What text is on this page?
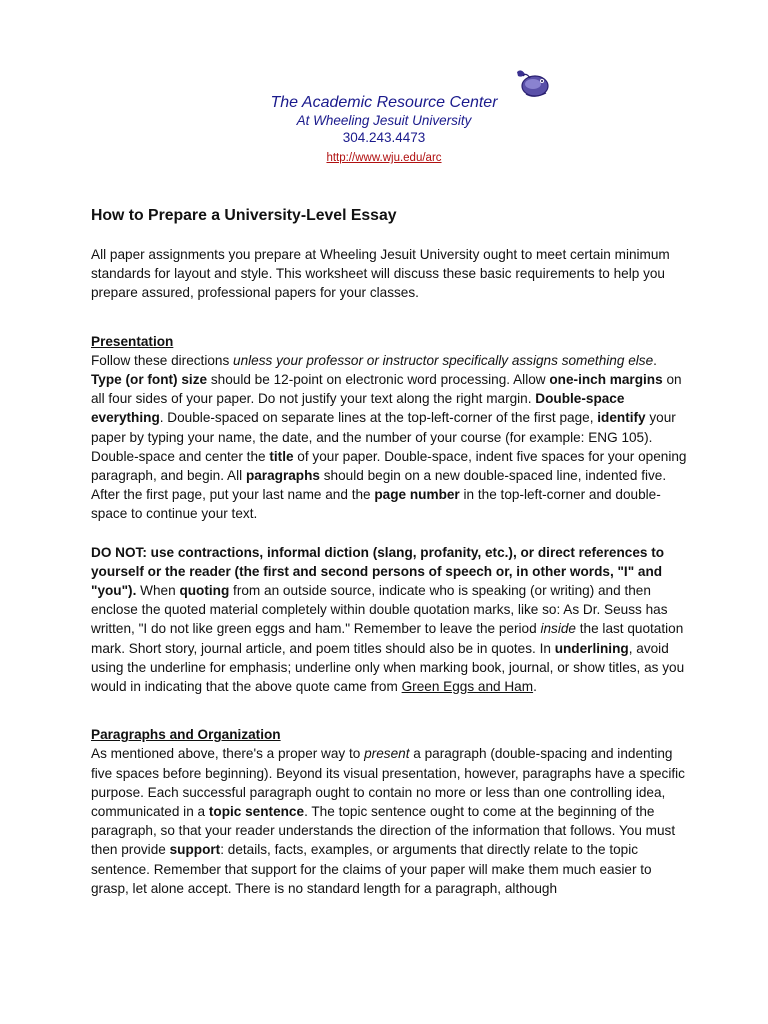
The Academic Resource Center
At Wheeling Jesuit University
304.243.4473
http://www.wju.edu/arc
How to Prepare a University-Level Essay

All paper assignments you prepare at Wheeling Jesuit University ought to meet certain minimum standards for layout and style. This worksheet will discuss these basic requirements to help you prepare assured, professional papers for your classes.

Presentation

Follow these directions unless your professor or instructor specifically assigns something else. Type (or font) size should be 12-point on electronic word processing. Allow one-inch margins on all four sides of your paper. Do not justify your text along the right margin. Double-space everything. Double-spaced on separate lines at the top-left-corner of the first page, identify your paper by typing your name, the date, and the number of your course (for example: ENG 105). Double-space and center the title of your paper. Double-space, indent five spaces for your opening paragraph, and begin. All paragraphs should begin on a new double-spaced line, indented five. After the first page, put your last name and the page number in the top-left-corner and double-space to continue your text.

DO NOT: use contractions, informal diction (slang, profanity, etc.), or direct references to yourself or the reader (the first and second persons of speech or, in other words, "I" and "you"). When quoting from an outside source, indicate who is speaking (or writing) and then enclose the quoted material completely within double quotation marks, like so: As Dr. Seuss has written, "I do not like green eggs and ham." Remember to leave the period inside the last quotation mark. Short story, journal article, and poem titles should also be in quotes. In underlining, avoid using the underline for emphasis; underline only when marking book, journal, or show titles, as you would in indicating that the above quote came from Green Eggs and Ham.

Paragraphs and Organization

As mentioned above, there's a proper way to present a paragraph (double-spacing and indenting five spaces before beginning). Beyond its visual presentation, however, paragraphs have a specific purpose. Each successful paragraph ought to contain no more or less than one controlling idea, communicated in a topic sentence. The topic sentence ought to come at the beginning of the paragraph, so that your reader understands the direction of the information that follows. You must then provide support: details, facts, examples, or arguments that directly relate to the topic sentence. Remember that support for the claims of your paper will make them much easier to grasp, let alone accept. There is no standard length for a paragraph, although
